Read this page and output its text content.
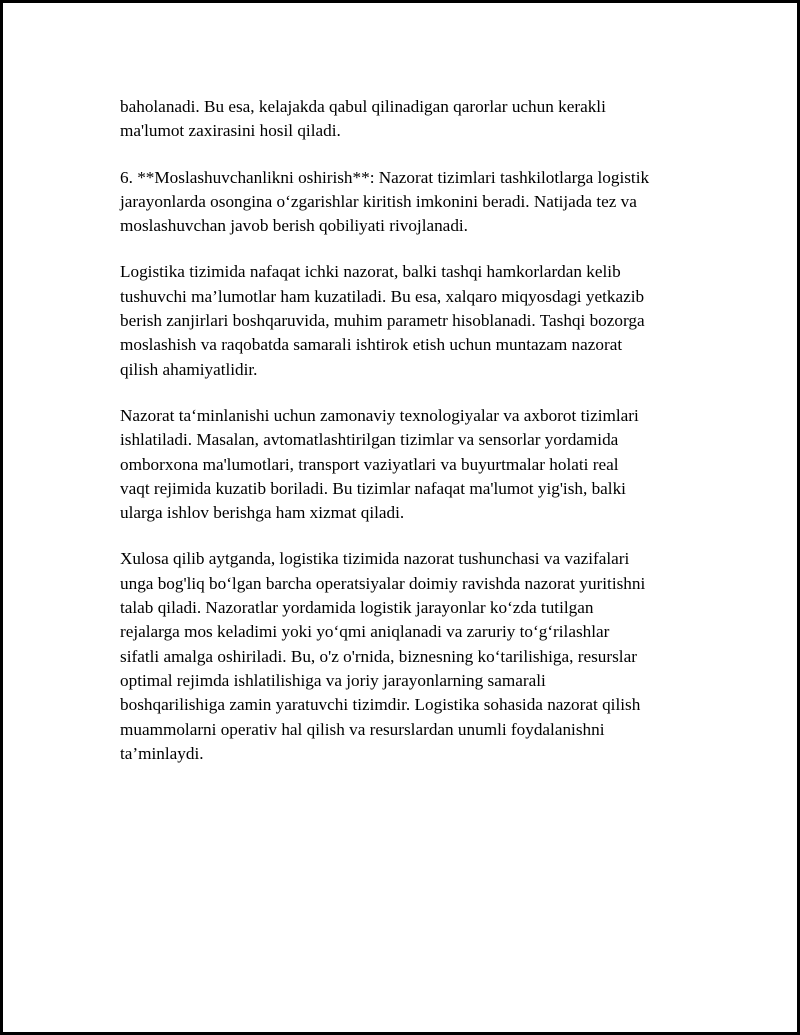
baholanadi. Bu esa, kelajakda qabul qilinadigan qarorlar uchun kerakli
ma'lumot zaxirasini hosil qiladi.

6. **Moslashuvchanlikni oshirish**: Nazorat tizimlari tashkilotlarga logistik
jarayonlarda osongina o‘zgarishlar kiritish imkonini beradi. Natijada tez va
moslashuvchan javob berish qobiliyati rivojlanadi.

Logistika tizimida nafaqat ichki nazorat, balki tashqi hamkorlardan kelib
tushuvchi ma’lumotlar ham kuzatiladi. Bu esa, xalqaro miqyosdagi yetkazib
berish zanjirlari boshqaruvida, muhim parametr hisoblanadi. Tashqi bozorga
moslashish va raqobatda samarali ishtirok etish uchun muntazam nazorat
qilish ahamiyatlidir.

Nazorat ta‘minlanishi uchun zamonaviy texnologiyalar va axborot tizimlari
ishlatiladi. Masalan, avtomatlashtirilgan tizimlar va sensorlar yordamida
omborxona ma'lumotlari, transport vaziyatlari va buyurtmalar holati real
vaqt rejimida kuzatib boriladi. Bu tizimlar nafaqat ma'lumot yig'ish, balki
ularga ishlov berishga ham xizmat qiladi.

Xulosa qilib aytganda, logistika tizimida nazorat tushunchasi va vazifalari
unga bog'liq bo‘lgan barcha operatsiyalar doimiy ravishda nazorat yuritishni
talab qiladi. Nazoratlar yordamida logistik jarayonlar ko‘zda tutilgan
rejalarga mos keladimi yoki yo‘qmi aniqlanadi va zaruriy to‘g‘rilashlar
sifatli amalga oshiriladi. Bu, o'z o'rnida, biznesning ko‘tarilishiga, resurslar
optimal rejimda ishlatilishiga va joriy jarayonlarning samarali
boshqarilishiga zamin yaratuvchi tizimdir. Logistika sohasida nazorat qilish
muammolarni operativ hal qilish va resurslardan unumli foydalanishni
ta’minlaydi.
